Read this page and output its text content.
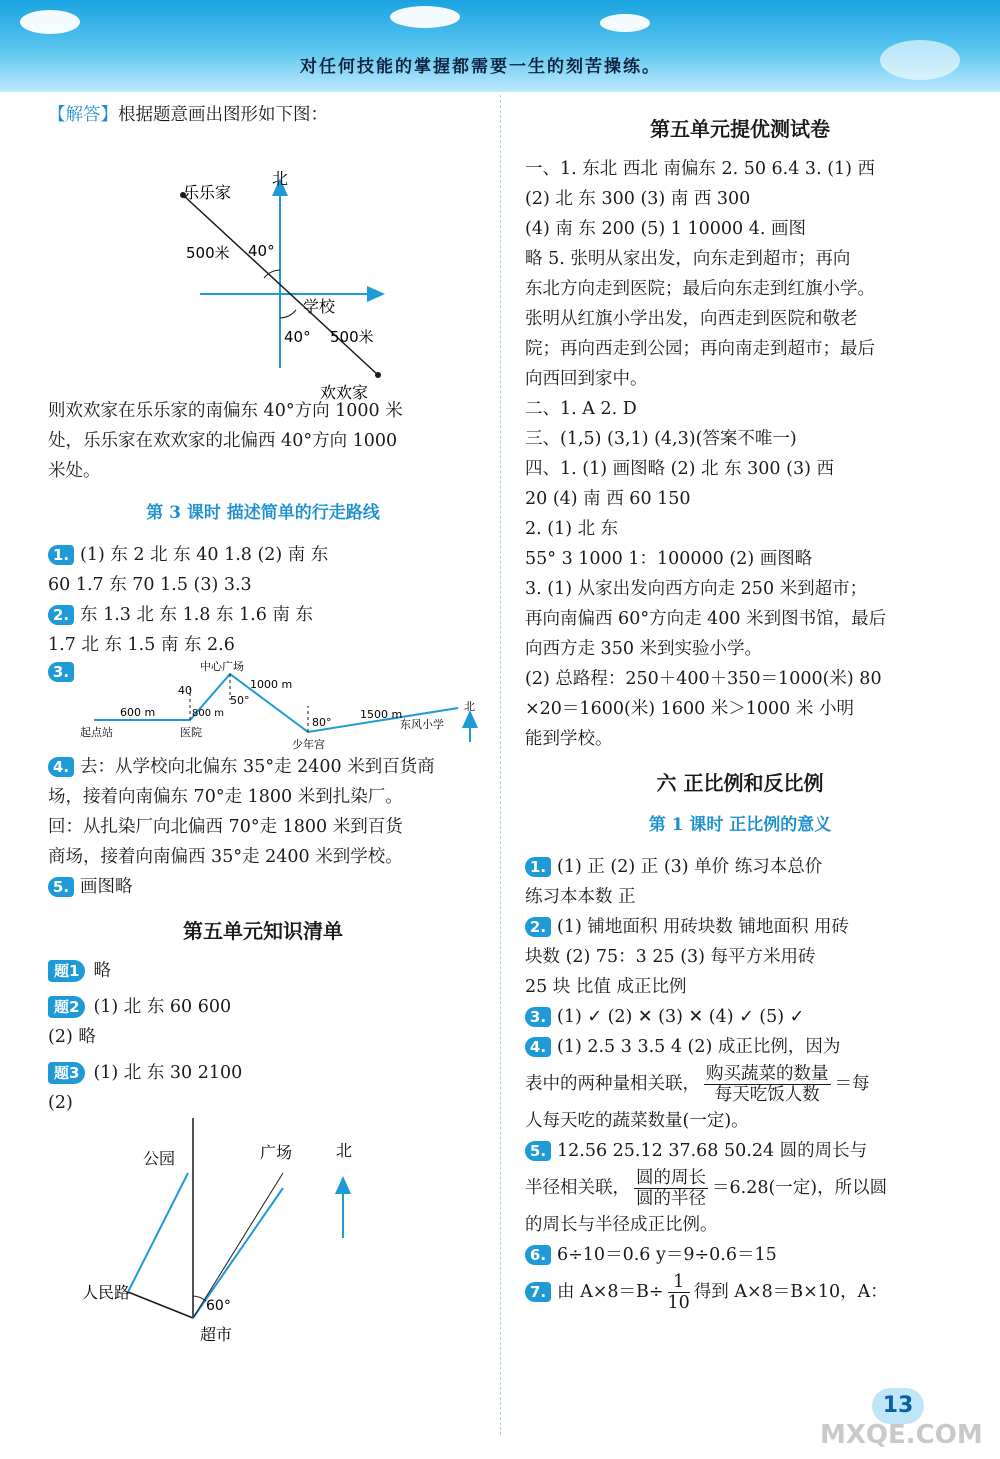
对任何技能的掌握都需要一生的刻苦操练。

【解答】根据题意画出图形如下图：

北
乐乐家
500米 40°
学校
40° 500米
欢欢家

则欢欢家在乐乐家的南偏东 40°方向 1000 米

处，乐乐家在欢欢家的北偏西 40°方向 1000

米处。

第 3 课时 描述简单的行走路线

1. (1) 东 2 北 东 40 1.8 (2) 南 东

60 1.7 东 70 1.5 (3) 3.3

2. 东 1.3 北 东 1.8 东 1.6 南 东

1.7 北 东 1.5 南 东 2.6

3.	中心广场
600 m
40
800 m
50°
1000 m
80°
1500 m
北
起点站	医院
少年宫
东风小学

4. 去：从学校向北偏东 35°走 2400 米到百货商

场，接着向南偏东 70°走 1800 米到扎染厂。

回：从扎染厂向北偏西 70°走 1800 米到百货

商场，接着向南偏西 35°走 2400 米到学校。

5. 画图略

第五单元知识清单

题1 略

题2 (1) 北 东 60 600

(2) 略

题3 (1) 北 东 30 2100

(2)

公园	广场	北
人民路
60°
超市
第五单元提优测试卷

一、1. 东北 西北 南偏东 2. 50 6.4 3. (1) 西

(2) 北 东 300 (3) 南 西 300

(4) 南 东 200 (5) 1 10000 4. 画图

略 5. 张明从家出发，向东走到超市；再向

东北方向走到医院；最后向东走到红旗小学。

张明从红旗小学出发，向西走到医院和敬老

院；再向西走到公园；再向南走到超市；最后

向西回到家中。

二、1. A 2. D

三、(1,5) (3,1) (4,3)(答案不唯一)

四、1. (1) 画图略 (2) 北 东 300 (3) 西

20 (4) 南 西 60 150

2. (1) 北 东

55° 3 1000 1：100000 (2) 画图略

3. (1) 从家出发向西方向走 250 米到超市；

再向南偏西 60°方向走 400 米到图书馆，最后

向西方走 350 米到实验小学。

(2) 总路程：250＋400＋350＝1000(米) 80

×20＝1600(米) 1600 米＞1000 米 小明

能到学校。

六 正比例和反比例
第 1 课时 正比例的意义

1. (1) 正 (2) 正 (3) 单价 练习本总价

练习本本数 正

2. (1) 铺地面积 用砖块数 铺地面积 用砖

块数 (2) 75：3 25 (3) 每平方米用砖

25 块 比值 成正比例

3. (1) ✓ (2) ✕ (3) ✕ (4) ✓ (5) ✓

4. (1) 2.5 3 3.5 4 (2) 成正比例，因为

表中的两种量相关联， $\frac{\text{购买蔬菜的数量}}{\text{每天吃饭人数}}$ ＝每

人每天吃的蔬菜数量(一定)。

5. 12.56 25.12 37.68 50.24 圆的周长与

半径相关联， $\frac{\text{圆的周长}}{\text{圆的半径}} =6.28$(一定)，所以圆

的周长与半径成正比例。

6. 6÷10＝0.6 y＝9÷0.6＝15

7. 由 $A\times 8=B\div \frac{1}{10}$ 得到 A×8＝B×10，A：

13
MXQE.COM
